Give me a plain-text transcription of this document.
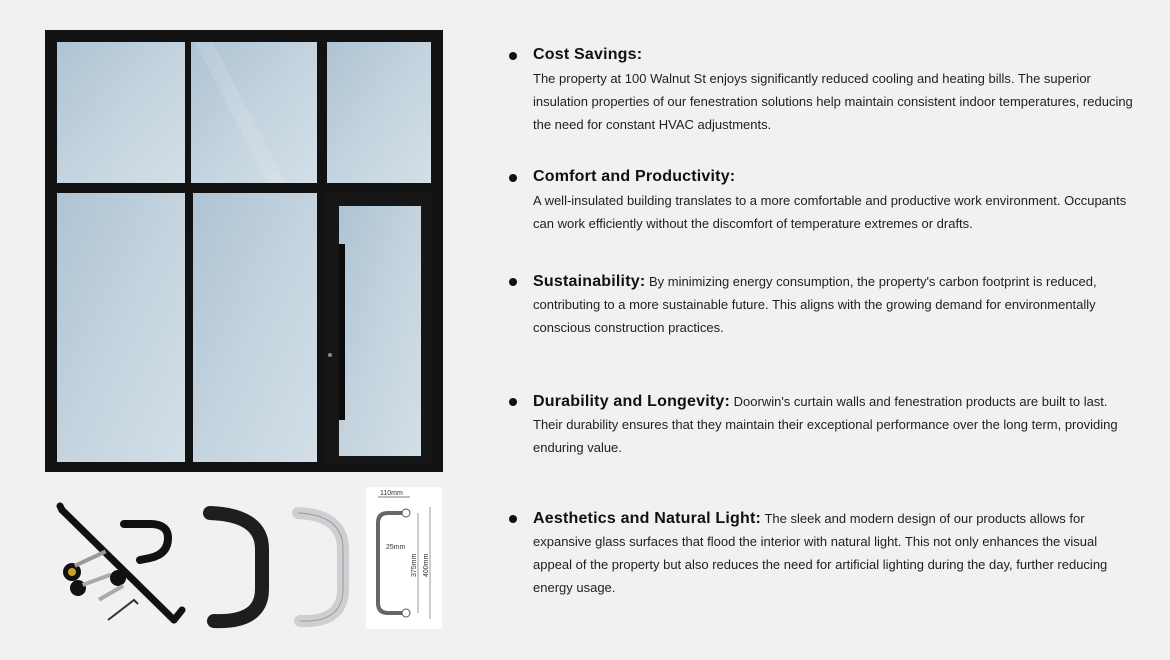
110mm
25mm
375mm 400mm
Cost Savings:
The property at 100 Walnut St enjoys significantly reduced cooling and heating bills. The superior insulation properties of our fenestration solutions help maintain consistent indoor temperatures, reducing the need for constant HVAC adjustments.
Comfort and Productivity:
A well-insulated building translates to a more comfortable and productive work environment. Occupants can work efficiently without the discomfort of temperature extremes or drafts.
Sustainability: By minimizing energy consumption, the property's carbon footprint is reduced, contributing to a more sustainable future. This aligns with the growing demand for environmentally conscious construction practices.
Durability and Longevity: Doorwin's curtain walls and fenestration products are built to last. Their durability ensures that they maintain their exceptional performance over the long term, providing enduring value.
Aesthetics and Natural Light: The sleek and modern design of our products allows for expansive glass surfaces that flood the interior with natural light. This not only enhances the visual appeal of the property but also reduces the need for artificial lighting during the day, further reducing energy usage.
